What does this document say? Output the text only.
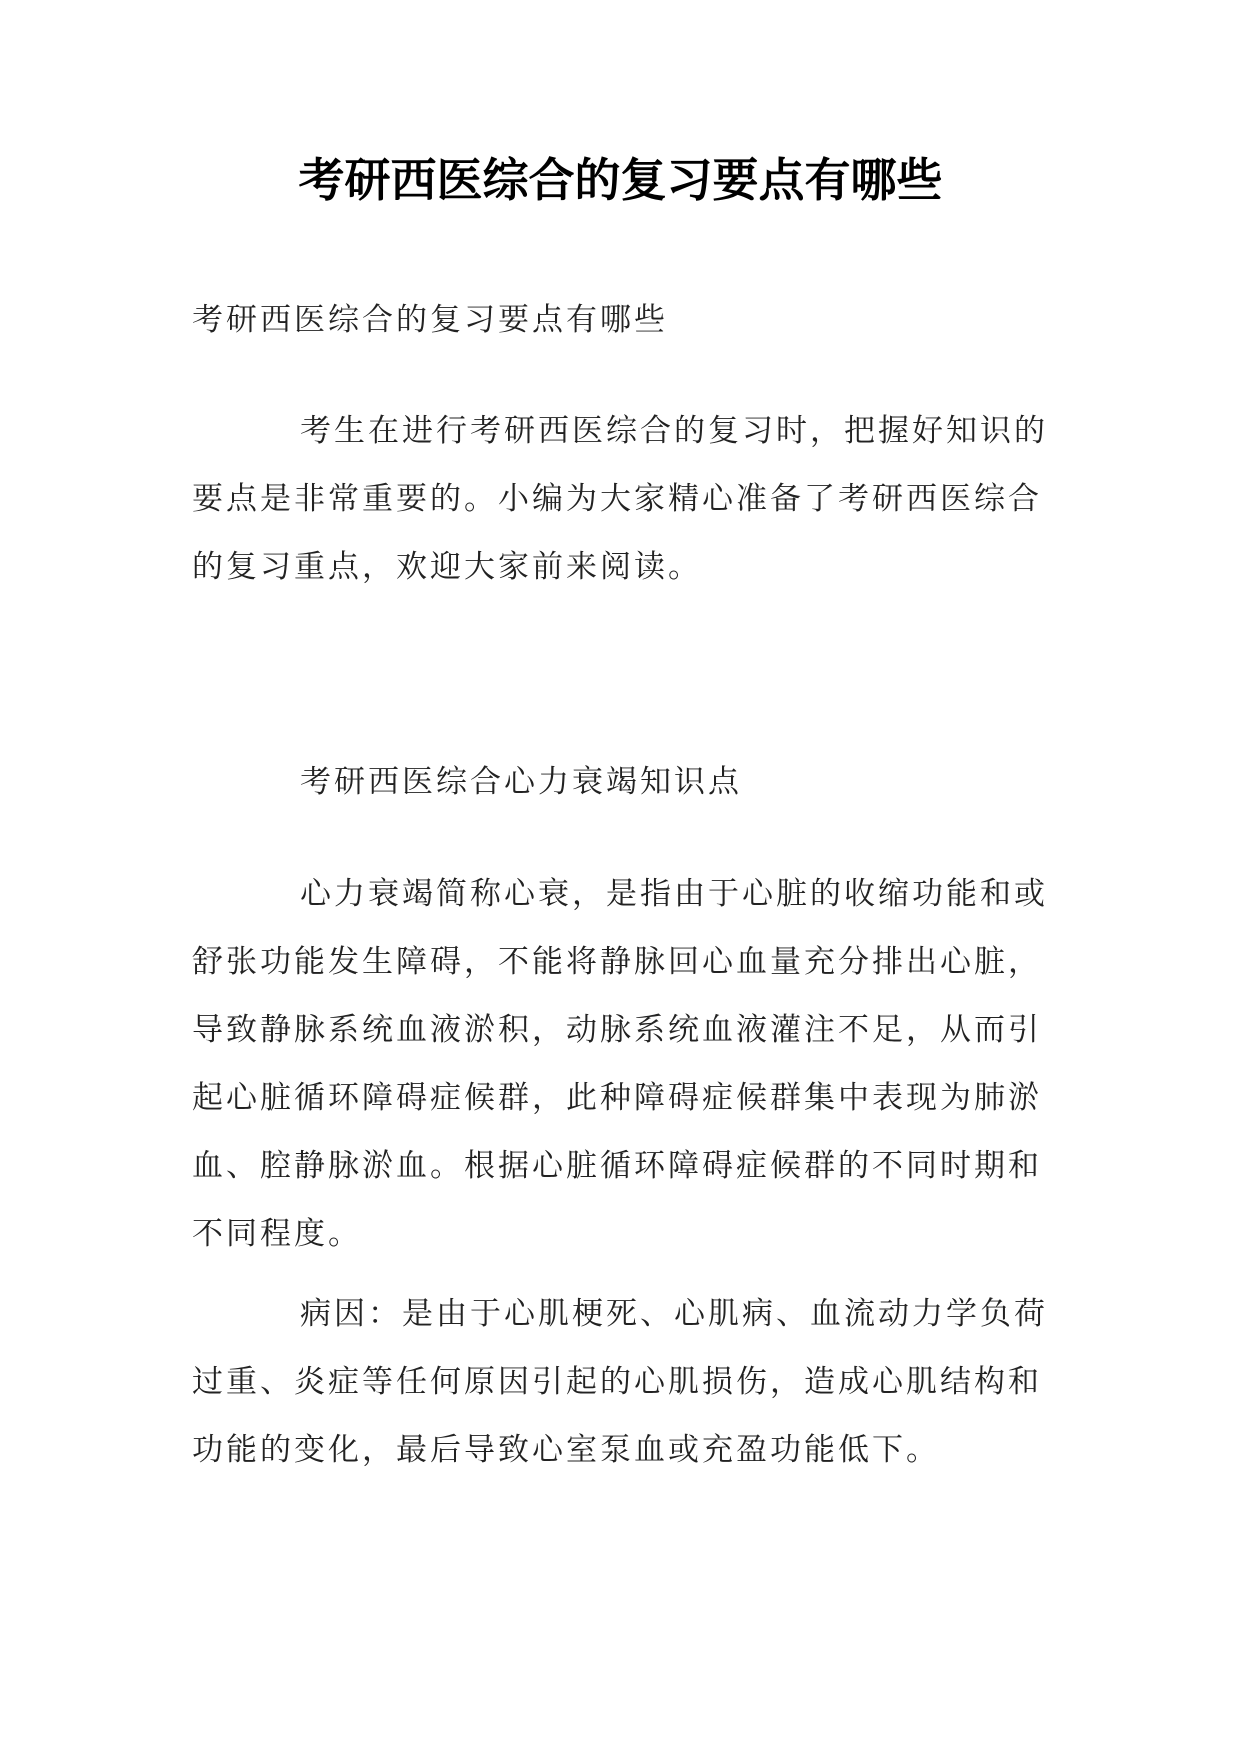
考研西医综合的复习要点有哪些
考研西医综合的复习要点有哪些
考生在进行考研西医综合的复习时，把握好知识的要点是非常重要的。小编为大家精心准备了考研西医综合的复习重点，欢迎大家前来阅读。
考研西医综合心力衰竭知识点
心力衰竭简称心衰，是指由于心脏的收缩功能和或舒张功能发生障碍，不能将静脉回心血量充分排出心脏，导致静脉系统血液淤积，动脉系统血液灌注不足，从而引起心脏循环障碍症候群，此种障碍症候群集中表现为肺淤血、腔静脉淤血。根据心脏循环障碍症候群的不同时期和不同程度。
病因：是由于心肌梗死、心肌病、血流动力学负荷过重、炎症等任何原因引起的心肌损伤，造成心肌结构和功能的变化，最后导致心室泵血或充盈功能低下。
